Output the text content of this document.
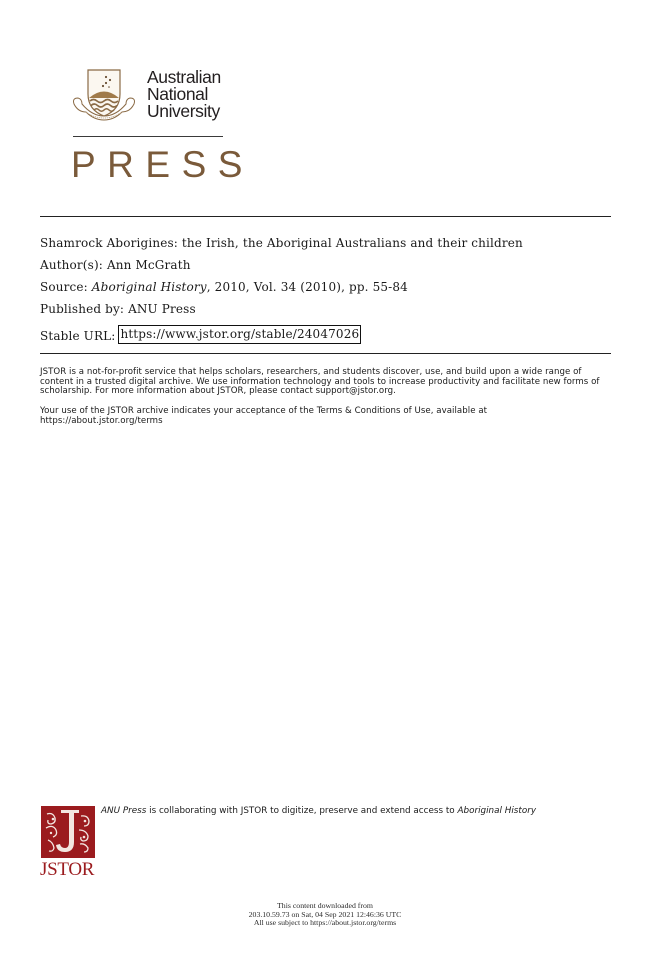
Australian
National
University
PRESS
Shamrock Aborigines: the Irish, the Aboriginal Australians and their children
Author(s): Ann McGrath
Source: Aboriginal History, 2010, Vol. 34 (2010), pp. 55-84
Published by: ANU Press
Stable URL: https://www.jstor.org/stable/24047026

JSTOR is a not-for-profit service that helps scholars, researchers, and students discover, use, and build upon a wide range of content in a trusted digital archive. We use information technology and tools to increase productivity and facilitate new forms of scholarship. For more information about JSTOR, please contact support@jstor.org.

Your use of the JSTOR archive indicates your acceptance of the Terms & Conditions of Use, available at https://about.jstor.org/terms

JSTOR
ANU Press is collaborating with JSTOR to digitize, preserve and extend access to Aboriginal History
This content downloaded from
203.10.59.73 on Sat, 04 Sep 2021 12:46:36 UTC
All use subject to https://about.jstor.org/terms
